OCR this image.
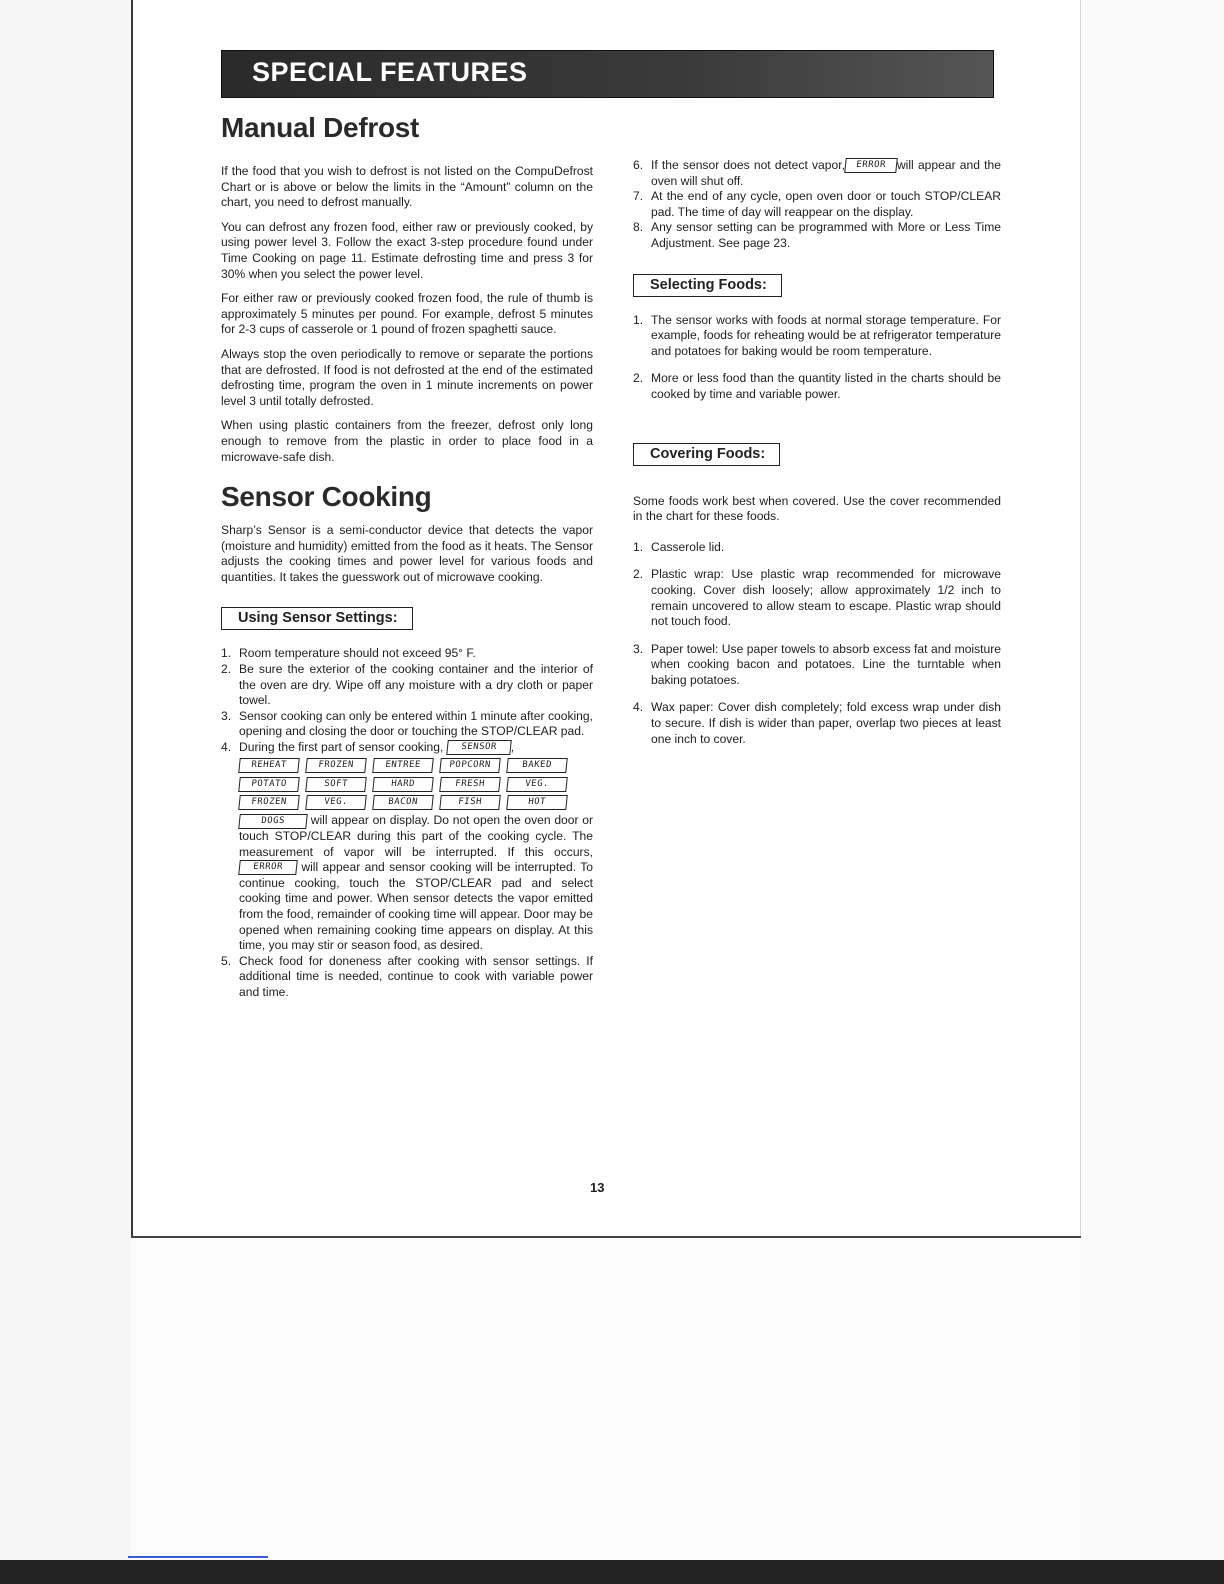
SPECIAL FEATURES
Manual Defrost

If the food that you wish to defrost is not listed on the CompuDefrost Chart or is above or below the limits in the “Amount” column on the chart, you need to defrost manually.

You can defrost any frozen food, either raw or previously cooked, by using power level 3. Follow the exact 3-step procedure found under Time Cooking on page 11. Estimate defrosting time and press 3 for 30% when you select the power level.

For either raw or previously cooked frozen food, the rule of thumb is approximately 5 minutes per pound. For example, defrost 5 minutes for 2-3 cups of casserole or 1 pound of frozen spaghetti sauce.

Always stop the oven periodically to remove or separate the portions that are defrosted. If food is not defrosted at the end of the estimated defrosting time, program the oven in 1 minute increments on power level 3 until totally defrosted.

When using plastic containers from the freezer, defrost only long enough to remove from the plastic in order to place food in a microwave-safe dish.

Sensor Cooking

Sharp’s Sensor is a semi-conductor device that detects the vapor (moisture and humidity) emitted from the food as it heats. The Sensor adjusts the cooking times and power level for various foods and quantities. It takes the guesswork out of microwave cooking.

Using Sensor Settings:
1. Room temperature should not exceed 95° F.
2. Be sure the exterior of the cooking container and the interior of the oven are dry. Wipe off any moisture with a dry cloth or paper towel.
3. Sensor cooking can only be entered within 1 minute after cooking, opening and closing the door or touching the STOP/CLEAR pad.
4. During the first part of sensor cooking, SENSOR ,
REHEAT	FROZEN	ENTREE	POPCORN	BAKED
POTATO	SOFT	HARD	FRESH	VEG.
FROZEN	VEG.	BACON	FISH	HOT
DOGS will appear on display. Do not open the oven door or touch STOP/CLEAR during this part of the cooking cycle. The measurement of vapor will be interrupted. If this occurs, ERROR will appear and sensor cooking will be interrupted. To continue cooking, touch the STOP/CLEAR pad and select cooking time and power. When sensor detects the vapor emitted from the food, remainder of cooking time will appear. Door may be opened when remaining cooking time appears on display. At this time, you may stir or season food, as desired.
5. Check food for doneness after cooking with sensor settings. If additional time is needed, continue to cook with variable power and time.
6. If the sensor does not detect vapor, ERROR will appear and the oven will shut off.
7. At the end of any cycle, open oven door or touch STOP/CLEAR pad. The time of day will reappear on the display.
8. Any sensor setting can be programmed with More or Less Time Adjustment. See page 23.
Selecting Foods:
1. The sensor works with foods at normal storage temperature. For example, foods for reheating would be at refrigerator temperature and potatoes for baking would be room temperature.
2. More or less food than the quantity listed in the charts should be cooked by time and variable power.
Covering Foods:

Some foods work best when covered. Use the cover recommended in the chart for these foods.

1. Casserole lid.
2. Plastic wrap: Use plastic wrap recommended for microwave cooking. Cover dish loosely; allow approximately 1/2 inch to remain uncovered to allow steam to escape. Plastic wrap should not touch food.
3. Paper towel: Use paper towels to absorb excess fat and moisture when cooking bacon and potatoes. Line the turntable when baking potatoes.
4. Wax paper: Cover dish completely; fold excess wrap under dish to secure. If dish is wider than paper, overlap two pieces at least one inch to cover.
13
